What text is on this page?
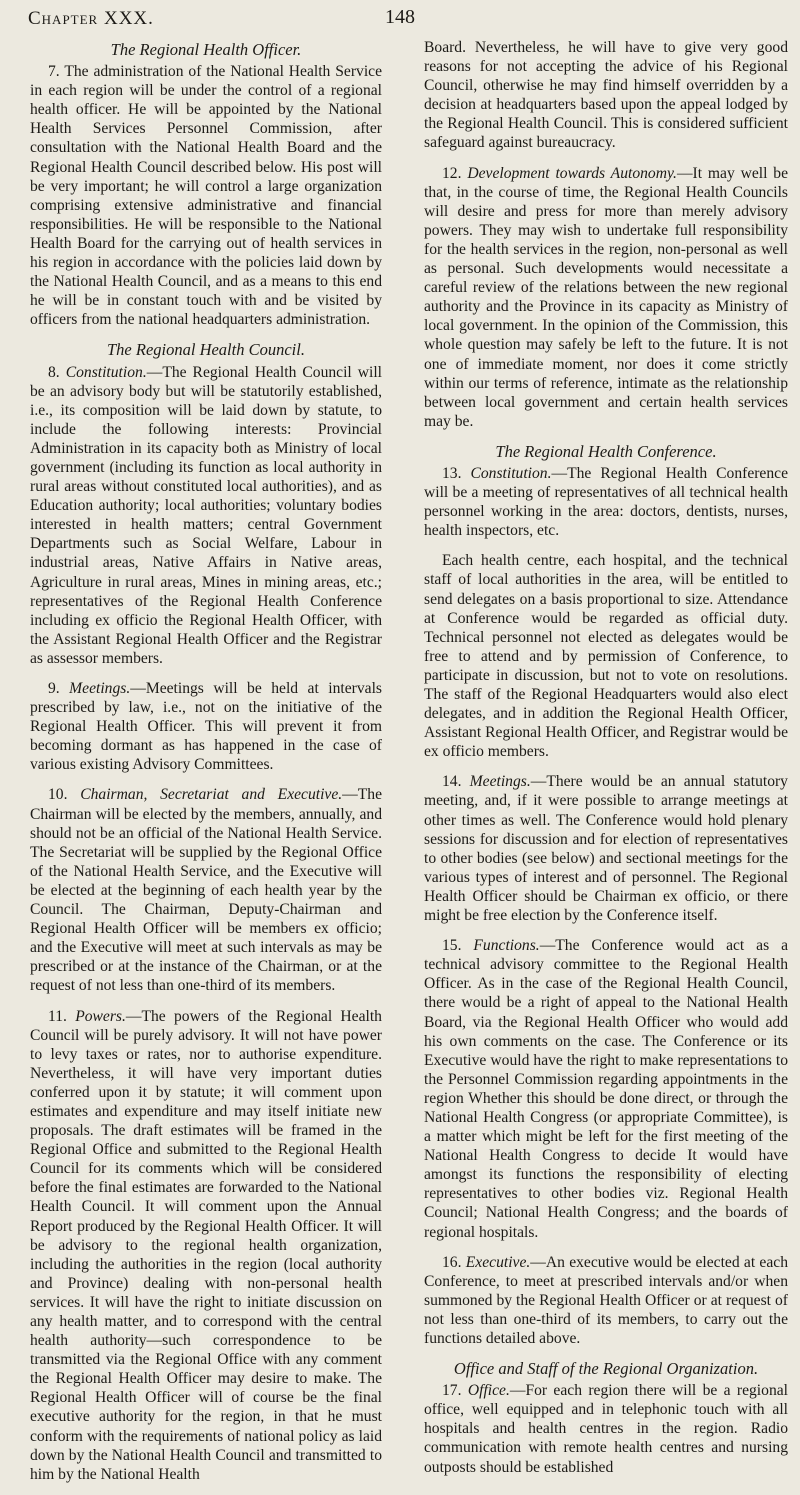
Chapter XXX.	148
The Regional Health Officer.

7. The administration of the National Health Service in each region will be under the control of a regional health officer. He will be appointed by the National Health Services Personnel Commission, after consultation with the National Health Board and the Regional Health Council described below. His post will be very important; he will control a large organization comprising extensive administrative and financial responsibilities. He will be responsible to the National Health Board for the carrying out of health services in his region in accordance with the policies laid down by the National Health Council, and as a means to this end he will be in constant touch with and be visited by officers from the national headquarters administration.

The Regional Health Council.

8. Constitution.—The Regional Health Council will be an advisory body but will be statutorily established, i.e., its composition will be laid down by statute, to include the following interests: Provincial Administration in its capacity both as Ministry of local government (including its function as local authority in rural areas without constituted local authorities), and as Education authority; local authorities; voluntary bodies interested in health matters; central Government Departments such as Social Welfare, Labour in industrial areas, Native Affairs in Native areas, Agriculture in rural areas, Mines in mining areas, etc.; representatives of the Regional Health Conference including ex officio the Regional Health Officer, with the Assistant Regional Health Officer and the Registrar as assessor members.

9. Meetings.—Meetings will be held at intervals prescribed by law, i.e., not on the initiative of the Regional Health Officer. This will prevent it from becoming dormant as has happened in the case of various existing Advisory Committees.

10. Chairman, Secretariat and Executive.—The Chairman will be elected by the members, annually, and should not be an official of the National Health Service. The Secretariat will be supplied by the Regional Office of the National Health Service, and the Executive will be elected at the beginning of each health year by the Council. The Chairman, Deputy-Chairman and Regional Health Officer will be members ex officio; and the Executive will meet at such intervals as may be prescribed or at the instance of the Chairman, or at the request of not less than one-third of its members.

11. Powers.—The powers of the Regional Health Council will be purely advisory. It will not have power to levy taxes or rates, nor to authorise expenditure. Nevertheless, it will have very important duties conferred upon it by statute; it will comment upon estimates and expenditure and may itself initiate new proposals. The draft estimates will be framed in the Regional Office and submitted to the Regional Health Council for its comments which will be considered before the final estimates are forwarded to the National Health Council. It will comment upon the Annual Report produced by the Regional Health Officer. It will be advisory to the regional health organization, including the authorities in the region (local authority and Province) dealing with non-personal health services. It will have the right to initiate discussion on any health matter, and to correspond with the central health authority—such correspondence to be transmitted via the Regional Office with any comment the Regional Health Officer may desire to make. The Regional Health Officer will of course be the final executive authority for the region, in that he must conform with the requirements of national policy as laid down by the National Health Council and transmitted to him by the National Health

Board. Nevertheless, he will have to give very good reasons for not accepting the advice of his Regional Council, otherwise he may find himself overridden by a decision at headquarters based upon the appeal lodged by the Regional Health Council. This is considered sufficient safeguard against bureaucracy.

12. Development towards Autonomy.—It may well be that, in the course of time, the Regional Health Councils will desire and press for more than merely advisory powers. They may wish to undertake full responsibility for the health services in the region, non-personal as well as personal. Such developments would necessitate a careful review of the relations between the new regional authority and the Province in its capacity as Ministry of local government. In the opinion of the Commission, this whole question may safely be left to the future. It is not one of immediate moment, nor does it come strictly within our terms of reference, intimate as the relationship between local government and certain health services may be.

The Regional Health Conference.

13. Constitution.—The Regional Health Conference will be a meeting of representatives of all technical health personnel working in the area: doctors, dentists, nurses, health inspectors, etc.

Each health centre, each hospital, and the technical staff of local authorities in the area, will be entitled to send delegates on a basis proportional to size. Attendance at Conference would be regarded as official duty. Technical personnel not elected as delegates would be free to attend and by permission of Conference, to participate in discussion, but not to vote on resolutions. The staff of the Regional Headquarters would also elect delegates, and in addition the Regional Health Officer, Assistant Regional Health Officer, and Registrar would be ex officio members.

14. Meetings.—There would be an annual statutory meeting, and, if it were possible to arrange meetings at other times as well. The Conference would hold plenary sessions for discussion and for election of representatives to other bodies (see below) and sectional meetings for the various types of interest and of personnel. The Regional Health Officer should be Chairman ex officio, or there might be free election by the Conference itself.

15. Functions.—The Conference would act as a technical advisory committee to the Regional Health Officer. As in the case of the Regional Health Council, there would be a right of appeal to the National Health Board, via the Regional Health Officer who would add his own comments on the case. The Conference or its Executive would have the right to make representations to the Personnel Commission regarding appointments in the region Whether this should be done direct, or through the National Health Congress (or appropriate Committee), is a matter which might be left for the first meeting of the National Health Congress to decide It would have amongst its functions the responsibility of electing representatives to other bodies viz. Regional Health Council; National Health Congress; and the boards of regional hospitals.

16. Executive.—An executive would be elected at each Conference, to meet at prescribed intervals and/or when summoned by the Regional Health Officer or at request of not less than one-third of its members, to carry out the functions detailed above.

Office and Staff of the Regional Organization.

17. Office.—For each region there will be a regional office, well equipped and in telephonic touch with all hospitals and health centres in the region. Radio communication with remote health centres and nursing outposts should be established
